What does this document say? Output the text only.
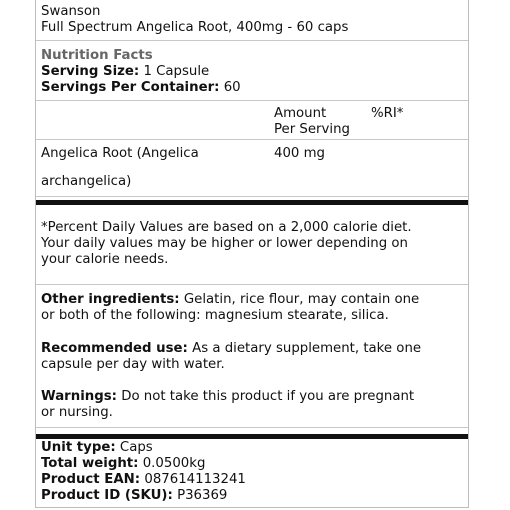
Swanson
Full Spectrum Angelica Root, 400mg - 60 caps
Nutrition Facts
Serving Size: 1 Capsule
Servings Per Container: 60
Amount
Per Serving
%RI*
Angelica Root (Angelica	400 mg
archangelica)
*Percent Daily Values are based on a 2,000 calorie diet.
Your daily values may be higher or lower depending on
your calorie needs.
Other ingredients: Gelatin, rice flour, may contain one
or both of the following: magnesium stearate, silica.
Recommended use: As a dietary supplement, take one
capsule per day with water.
Warnings: Do not take this product if you are pregnant
or nursing.
Unit type: Caps
Total weight: 0.0500kg
Product EAN: 087614113241
Product ID (SKU): P36369
